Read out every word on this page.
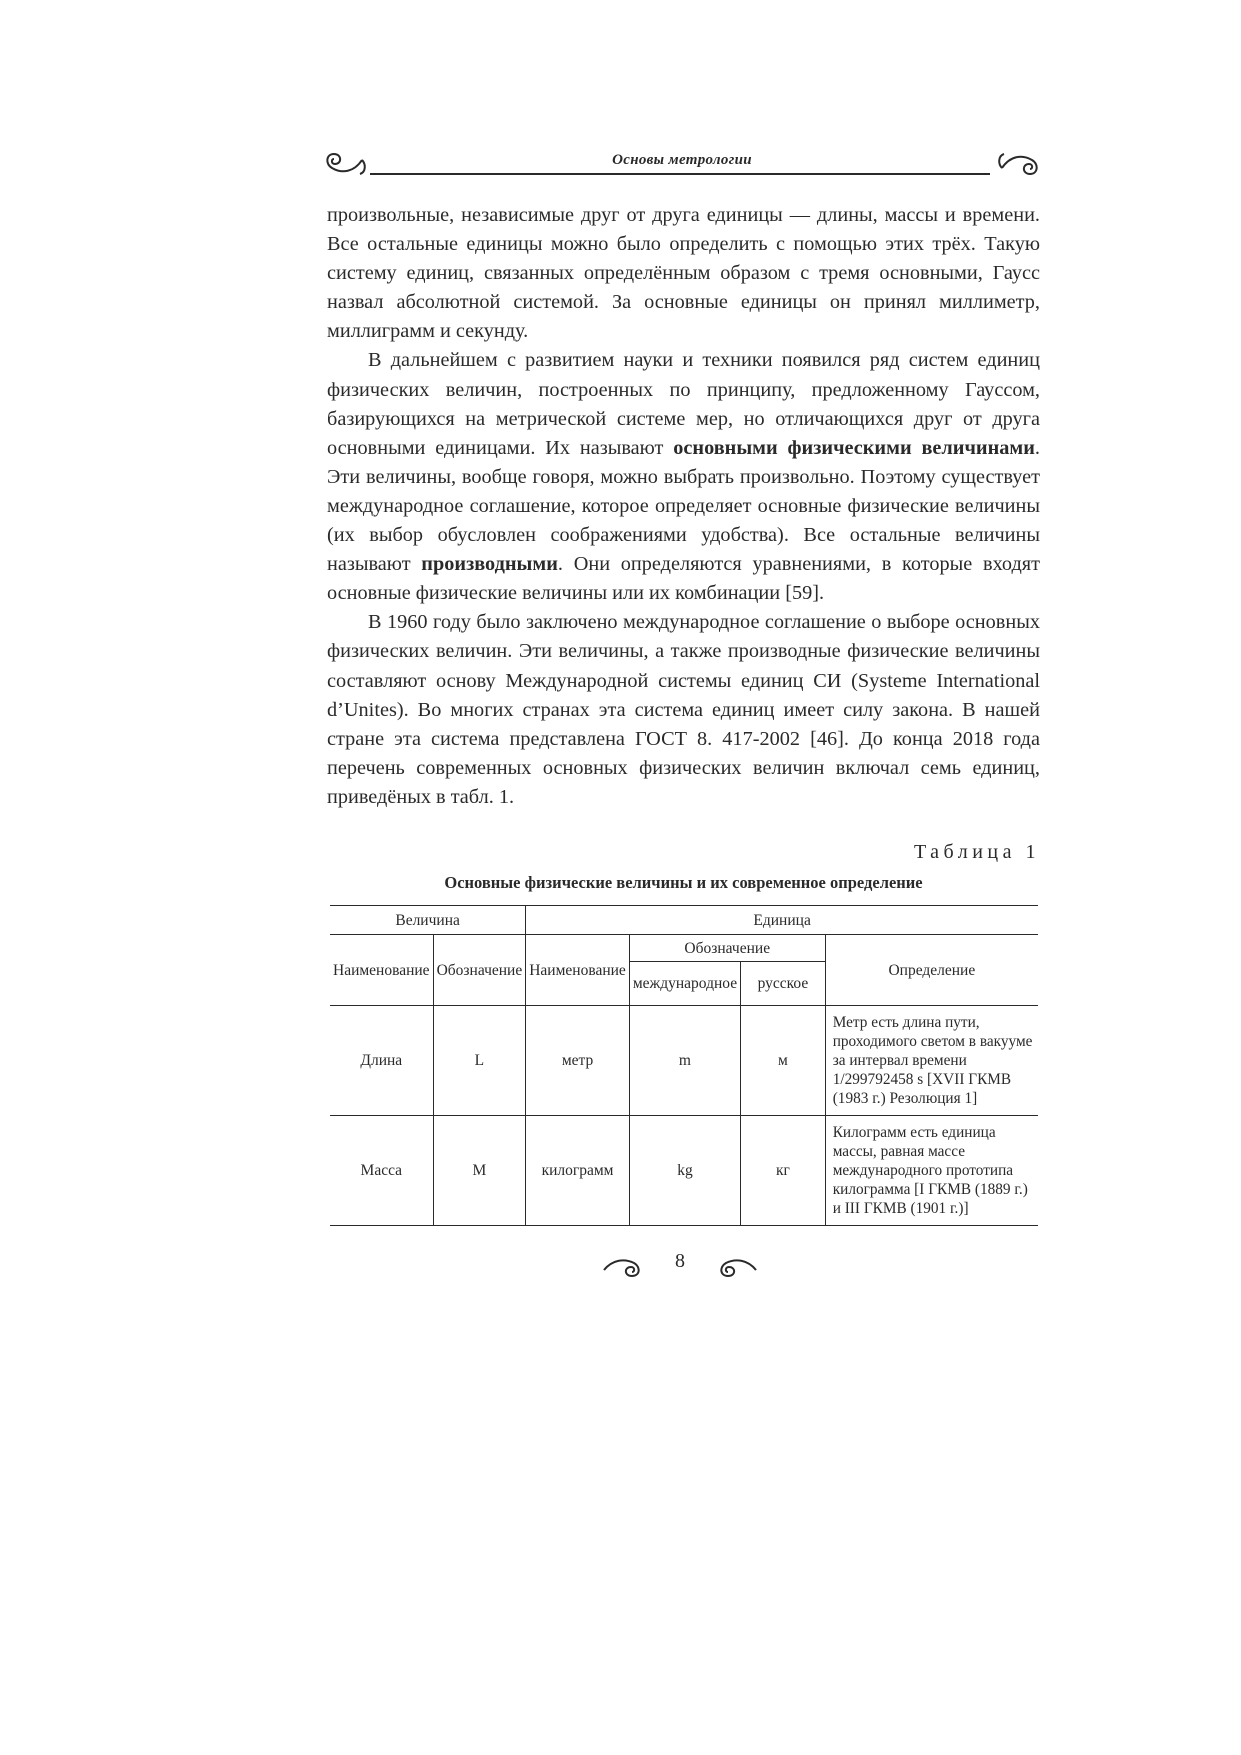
Основы метрологии

произвольные, независимые друг от друга единицы — длины, массы и времени. Все остальные единицы можно было определить с помощью этих трёх. Такую систему единиц, связанных определённым образом с тремя основными, Гаусс назвал абсолютной системой. За основные единицы он принял миллиметр, миллиграмм и секунду.

В дальнейшем с развитием науки и техники появился ряд систем единиц физических величин, построенных по принципу, предложенному Гауссом, базирующихся на метрической системе мер, но отличающихся друг от друга основными единицами. Их называют основными физическими величинами. Эти величины, вообще говоря, можно выбрать произвольно. Поэтому существует международное соглашение, которое определяет основные физические величины (их выбор обусловлен соображениями удобства). Все остальные величины называют производными. Они определяются уравнениями, в которые входят основные физические величины или их комбинации [59].

В 1960 году было заключено международное соглашение о выборе основных физических величин. Эти величины, а также производные физические величины составляют основу Международной системы единиц СИ (Systeme International d’Unites). Во многих странах эта система единиц имеет силу закона. В нашей стране эта система представлена ГОСТ 8. 417-2002 [46]. До конца 2018 года перечень современных основных физических величин включал семь единиц, приведёных в табл. 1.

Таблица 1
Основные физические величины и их современное определение
Величина		Единица			
Наименование	Обозначение	Наименование	Обозначение		Определение
			международное	русское	
Длина	L	метр	m	м	Метр есть длина пути, проходимого светом в вакууме за интервал времени 1/299792458 s [XVII ГКМВ (1983 г.) Резолюция 1]
Масса	M	килограмм	kg	кг	Килограмм есть единица массы, равная массе международного прототипа килограмма [I ГКМВ (1889 г.) и III ГКМВ (1901 г.)]
8
